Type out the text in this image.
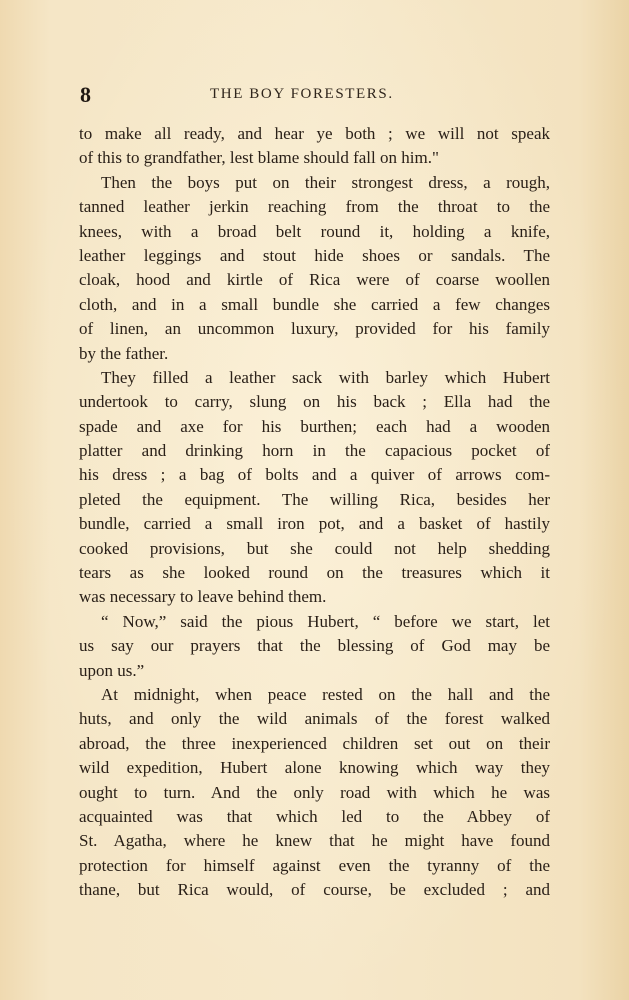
8	THE BOY FORESTERS.
to make all ready, and hear ye both ; we will not speak
of this to grandfather, lest blame should fall on him."
Then the boys put on their strongest dress, a rough,
tanned leather jerkin reaching from the throat to the
knees, with a broad belt round it, holding a knife,
leather leggings and stout hide shoes or sandals. The
cloak, hood and kirtle of Rica were of coarse woollen
cloth, and in a small bundle she carried a few changes
of linen, an uncommon luxury, provided for his family
by the father.
They filled a leather sack with barley which Hubert
undertook to carry, slung on his back ; Ella had the
spade and axe for his burthen; each had a wooden
platter and drinking horn in the capacious pocket of
his dress ; a bag of bolts and a quiver of arrows com-
pleted the equipment. The willing Rica, besides her
bundle, carried a small iron pot, and a basket of hastily
cooked provisions, but she could not help shedding
tears as she looked round on the treasures which it
was necessary to leave behind them.
“ Now,” said the pious Hubert, “ before we start, let
us say our prayers that the blessing of God may be
upon us.”
At midnight, when peace rested on the hall and the
huts, and only the wild animals of the forest walked
abroad, the three inexperienced children set out on their
wild expedition, Hubert alone knowing which way they
ought to turn. And the only road with which he was
acquainted was that which led to the Abbey of
St. Agatha, where he knew that he might have found
protection for himself against even the tyranny of the
thane, but Rica would, of course, be excluded ; and
